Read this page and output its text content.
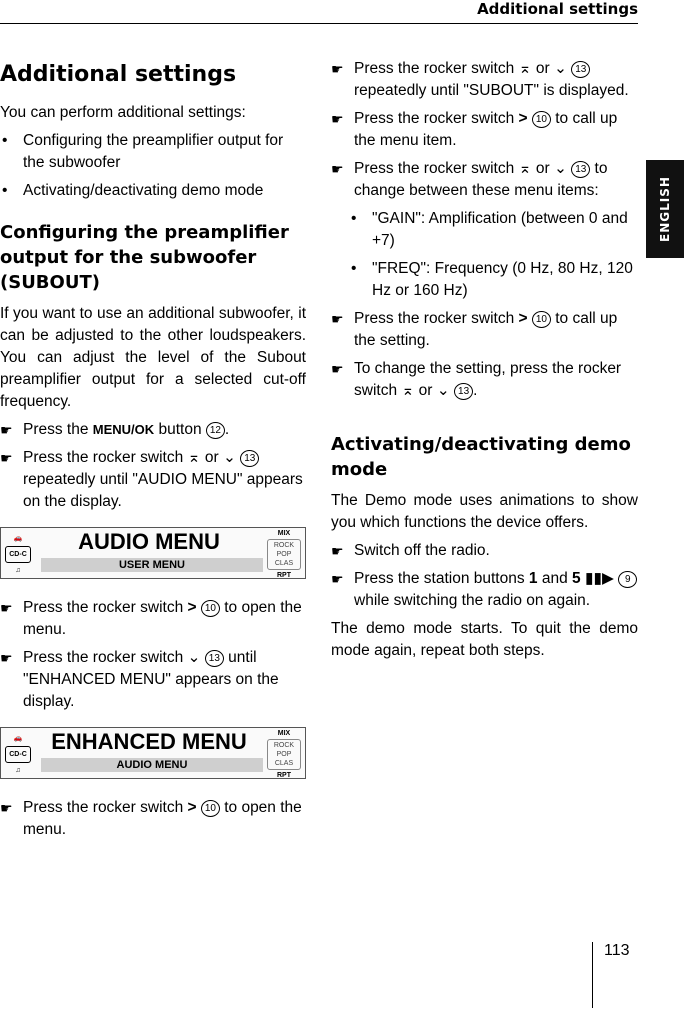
Additional settings
ENGLISH
Additional settings

You can perform additional settings:

• Configuring the preamplifier output for the subwoofer
• Activating/deactivating demo mode
Configuring the preamplifier output for the subwoofer (SUBOUT)

If you want to use an additional subwoofer, it can be adjusted to the other loudspeakers. You can adjust the level of the Subout preamplifier output for a selected cut-off frequency.

☛ Press the MENU/OK button 12 .
☛ Press the rocker switch ⌅ or ⌄ 13 repeatedly until "AUDIO MENU" appears on the display.
🚗
CD-C
♫
AUDIO MENU
USER MENU
MIX
ROCK
POP
CLAS
RPT
☛ Press the rocker switch > 10 to open the menu.
☛ Press the rocker switch ⌄ 13 until "ENHANCED MENU" appears on the display.
🚗
CD-C
♫
ENHANCED MENU
AUDIO MENU
MIX
ROCK
POP
CLAS
RPT
☛ Press the rocker switch > 10 to open the menu.
☛ Press the rocker switch ⌅ or ⌄ 13 repeatedly until "SUBOUT" is displayed.
☛ Press the rocker switch > 10 to call up the menu item.
☛ Press the rocker switch ⌅ or ⌄ 13 to change between these menu items:
• "GAIN": Amplification (between 0 and +7)
• "FREQ": Frequency (0 Hz, 80 Hz, 120 Hz or 160 Hz)
☛ Press the rocker switch > 10 to call up the setting.
☛ To change the setting, press the rocker switch ⌅ or ⌄ 13 .
Activating/deactivating demo mode

The Demo mode uses animations to show you which functions the device offers.

☛ Switch off the radio.
☛ Press the station buttons 1 and 5 ▮▮▶ 9 while switching the radio on again.

The demo mode starts. To quit the demo mode again, repeat both steps.

113
